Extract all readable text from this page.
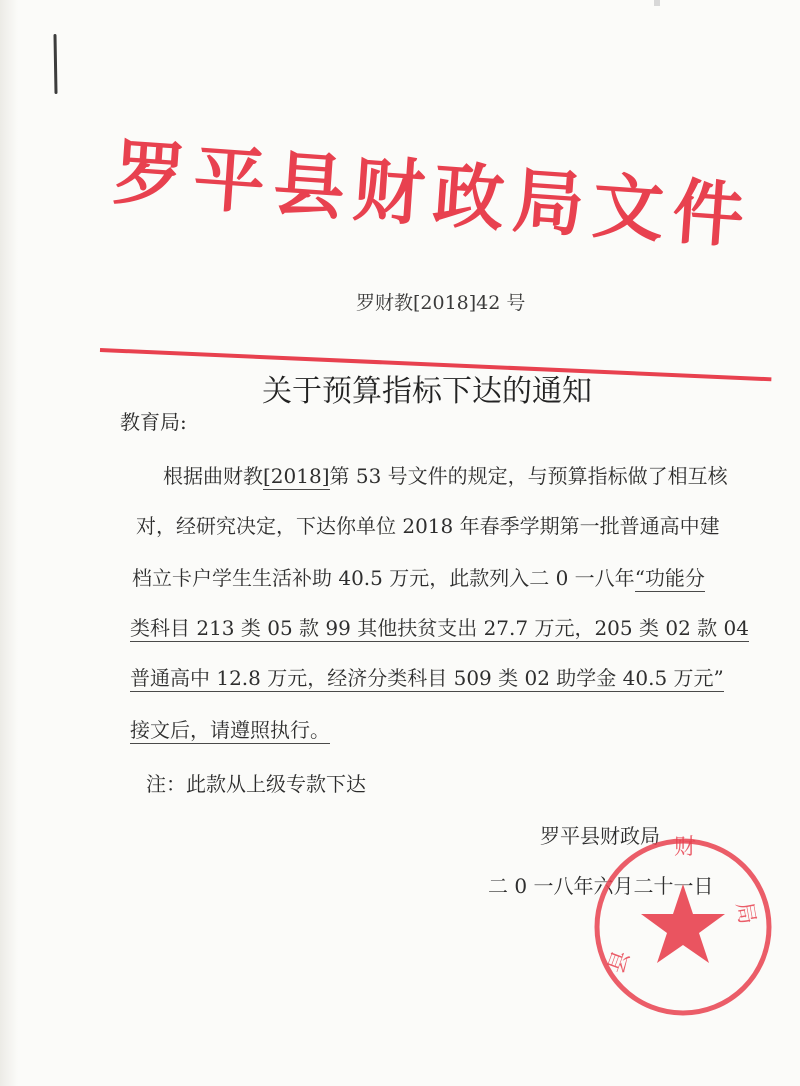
罗平县财政局文件
罗财教[2018]42 号
关于预算指标下达的通知
教育局:
根据曲财教[2018]第 53 号文件的规定，与预算指标做了相互核
对，经研究决定，下达你单位 2018 年春季学期第一批普通高中建
档立卡户学生生活补助 40.5 万元，此款列入二 0 一八年“功能分
类科目 213 类 05 款 99 其他扶贫支出 27.7 万元，205 类 02 款 04
普通高中 12.8 万元，经济分类科目 509 类 02 助学金 40.5 万元”
接文后，请遵照执行。
注：此款从上级专款下达
罗平县财政局
二 0 一八年六月二十一日
财
局
县
